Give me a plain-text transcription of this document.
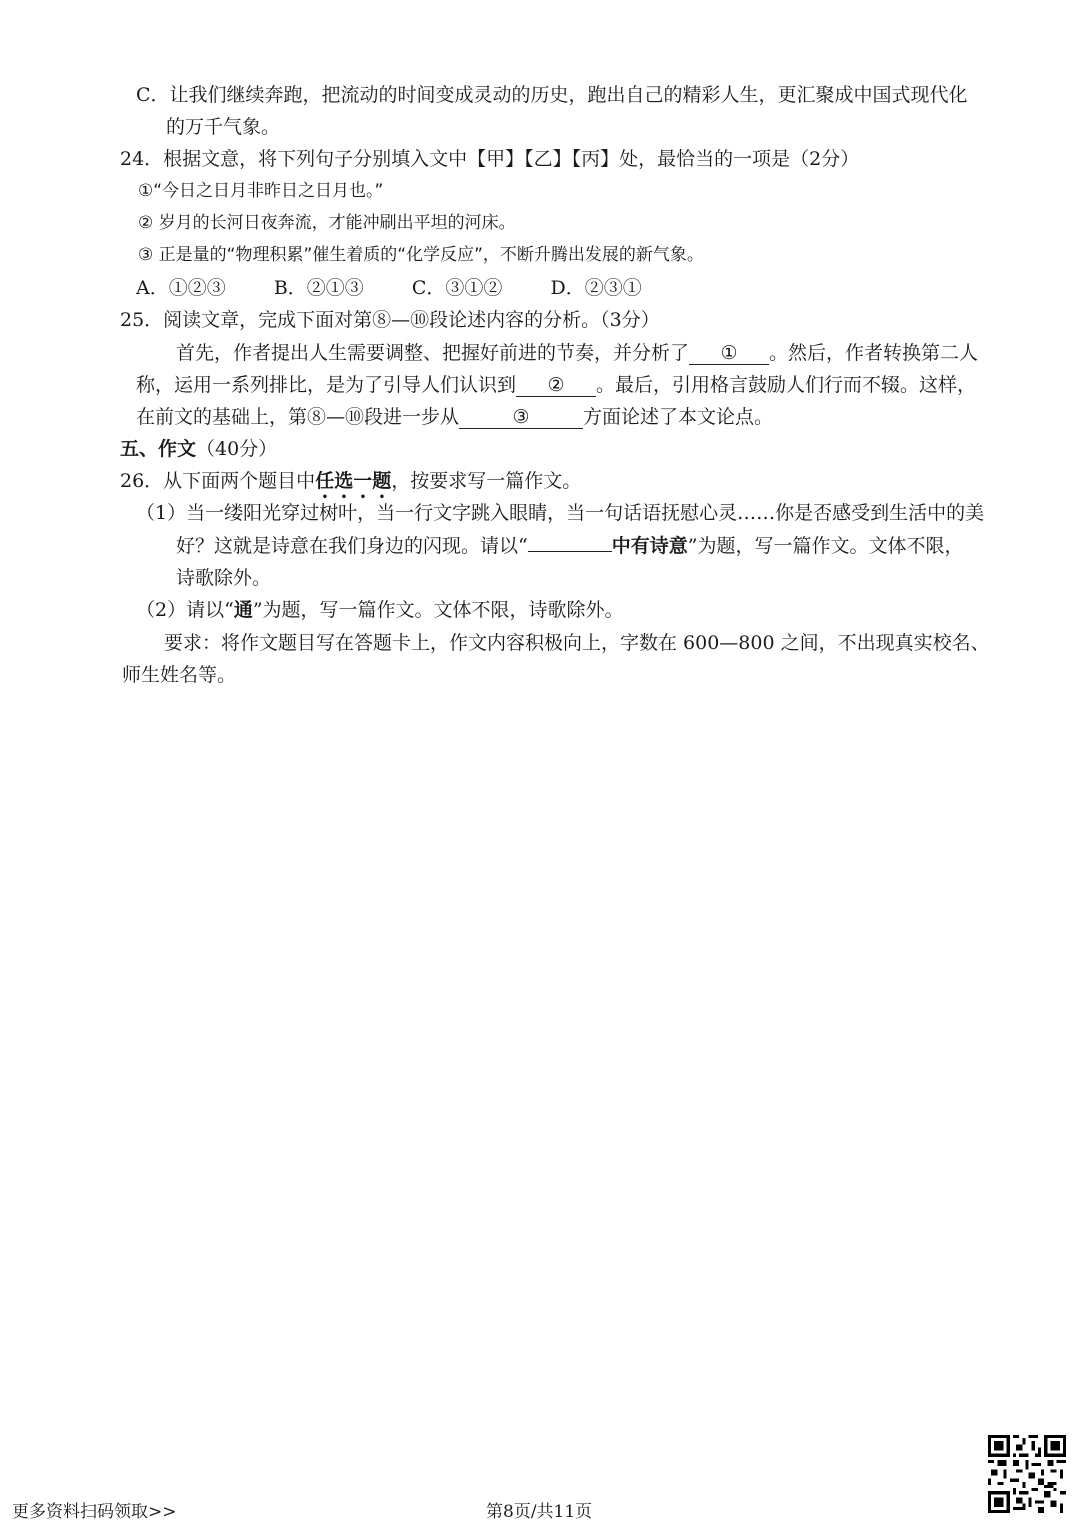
C．让我们继续奔跑，把流动的时间变成灵动的历史，跑出自己的精彩人生，更汇聚成中国式现代化
的万千气象。
24．根据文意，将下列句子分别填入文中【甲】【乙】【丙】处，最恰当的一项是（2分）
①“今日之日月非昨日之日月也。”
② 岁月的长河日夜奔流，才能冲刷出平坦的河床。
③ 正是量的“物理积累”催生着质的“化学反应”，不断升腾出发展的新气象。
A．①②③	B．②①③	C．③①②	D．②③①
25．阅读文章，完成下面对第⑧—⑩段论述内容的分析。（3分）
首先，作者提出人生需要调整、把握好前进的节奏，并分析了 ① 。然后，作者转换第二人
称，运用一系列排比，是为了引导人们认识到 ② 。最后，引用格言鼓励人们行而不辍。这样，
在前文的基础上，第⑧—⑩段进一步从	③	方面论述了本文论点。
五、作文（40分）
26．从下面两个题目中任选一题，按要求写一篇作文。
（1）当一缕阳光穿过树叶，当一行文字跳入眼睛，当一句话语抚慰心灵……你是否感受到生活中的美
好？这就是诗意在我们身边的闪现。请以“	中有诗意”为题，写一篇作文。文体不限，
诗歌除外。
（2）请以“通”为题，写一篇作文。文体不限，诗歌除外。
要求：将作文题目写在答题卡上，作文内容积极向上，字数在 600—800 之间，不出现真实校名、
师生姓名等。
更多资料扫码领取>>	第8页/共11页
